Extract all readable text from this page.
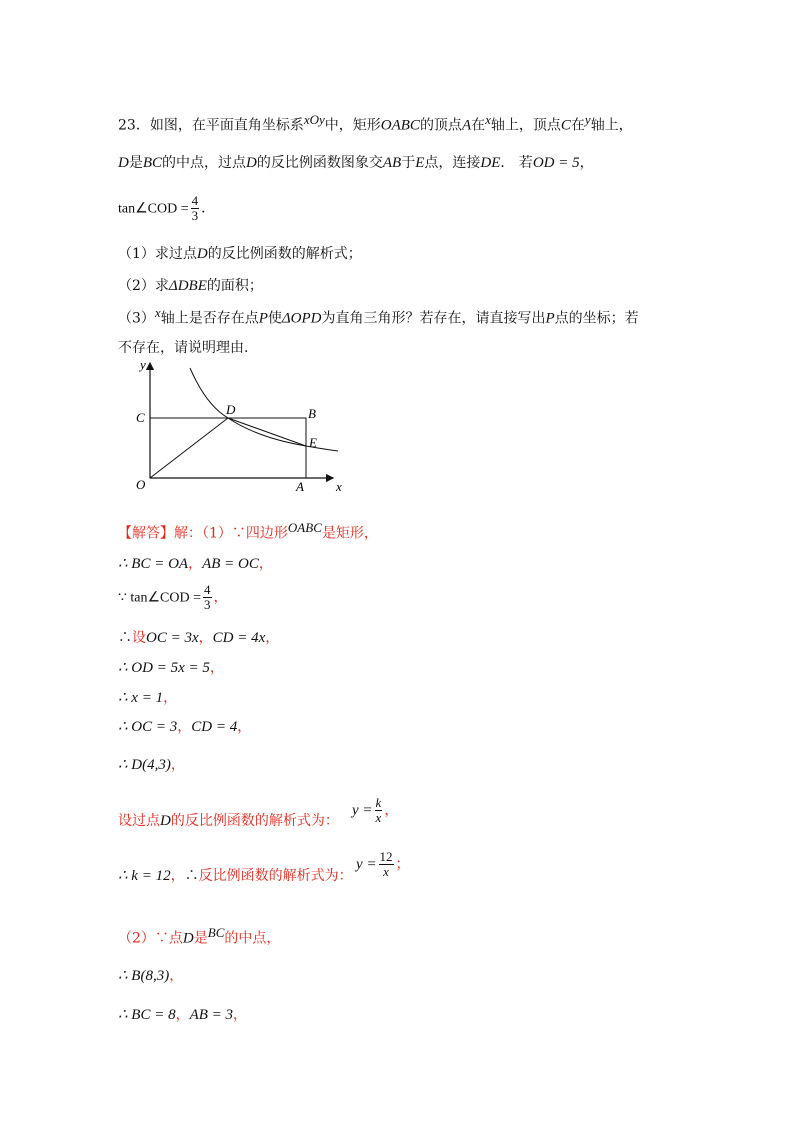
23．如图，在平面直角坐标系$^{xOy}$中，矩形OABC的顶点A在$^x$轴上，顶点C在$^y$轴上，
D是BC的中点，过点D的反比例函数图象交AB于E点，连接DE． 若OD = 5，
tan∠COD = $\frac{4}{3}$ ．
（1）求过点D的反比例函数的解析式；
（2）求ΔDBE的面积；
$(3)^x$轴上是否存在点P使ΔOPD为直角三角形？若存在，请直接写出P点的坐标；若
不存在，请说明理由.
y
x
C
D	B
E
O	A
【解答】解：（1）∵四边形$^{OABC}$是矩形，
∴ BC = OA，AB = OC，
∵ tan∠COD = $\frac{4}{3}$ ，
∴设OC = 3x，CD = 4x，
∴ OD = 5x = 5，
∴ x = 1，
∴ OC = 3，CD = 4，
∴ D(4,3)，
设过点D的反比例函数的解析式为：
$y = \frac{k}{x}$ ，
∴ k = 12，∴反比例函数的解析式为：
$y = \frac{12}{x}$ ；
（2）∵点D是$^{BC}$的中点，
∴ B(8,3)，
∴ BC = 8，AB = 3，
